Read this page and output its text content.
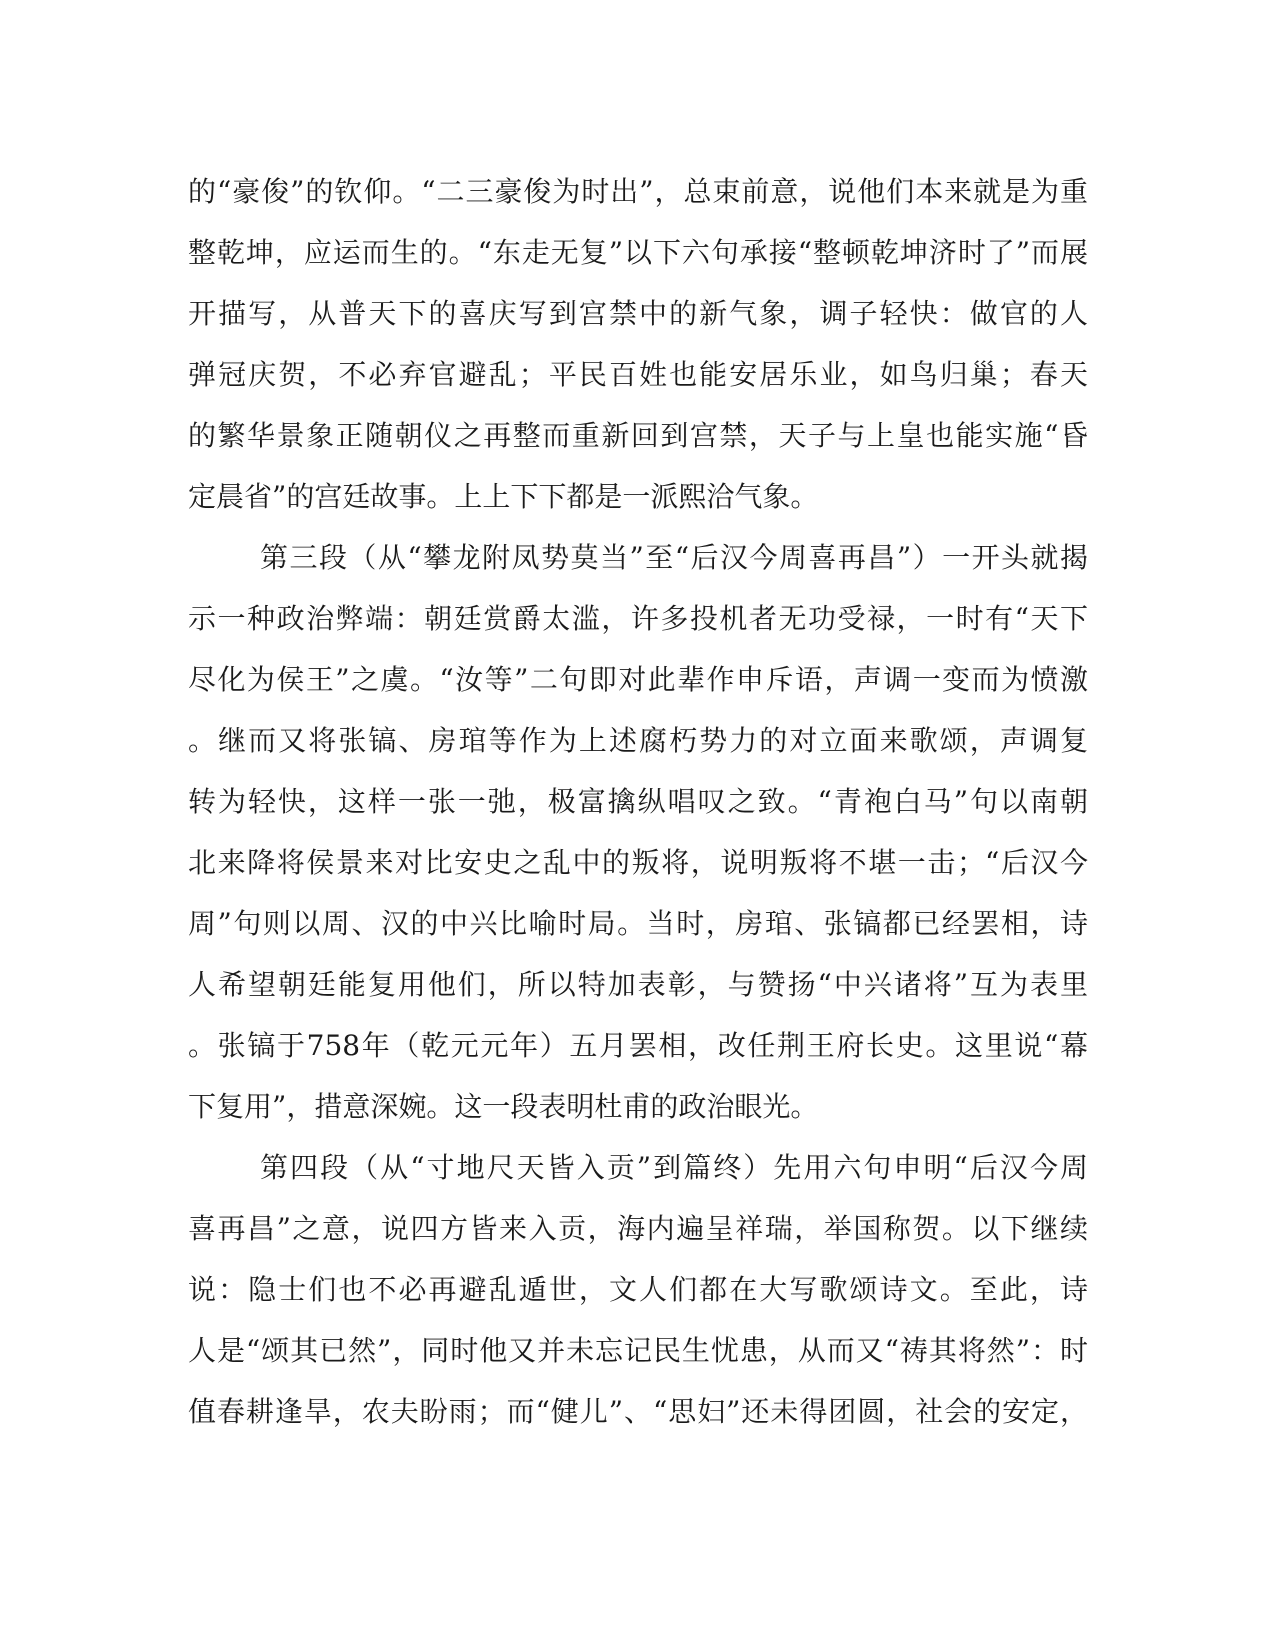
的“豪俊”的钦仰。“二三豪俊为时出”，总束前意，说他们本来就是为重
整乾坤，应运而生的。“东走无复”以下六句承接“整顿乾坤济时了”而展
开描写，从普天下的喜庆写到宫禁中的新气象，调子轻快：做官的人
弹冠庆贺，不必弃官避乱；平民百姓也能安居乐业，如鸟归巢；春天
的繁华景象正随朝仪之再整而重新回到宫禁，天子与上皇也能实施“昏
定晨省”的宫廷故事。上上下下都是一派熙洽气象。
第三段（从“攀龙附凤势莫当”至“后汉今周喜再昌”）一开头就揭
示一种政治弊端：朝廷赏爵太滥，许多投机者无功受禄，一时有“天下
尽化为侯王”之虞。“汝等”二句即对此辈作申斥语，声调一变而为愤激
。继而又将张镐、房琯等作为上述腐朽势力的对立面来歌颂，声调复
转为轻快，这样一张一弛，极富擒纵唱叹之致。“青袍白马”句以南朝
北来降将侯景来对比安史之乱中的叛将，说明叛将不堪一击；“后汉今
周”句则以周、汉的中兴比喻时局。当时，房琯、张镐都已经罢相，诗
人希望朝廷能复用他们，所以特加表彰，与赞扬“中兴诸将”互为表里
。张镐于758年（乾元元年）五月罢相，改任荆王府长史。这里说“幕
下复用”，措意深婉。这一段表明杜甫的政治眼光。
第四段（从“寸地尺天皆入贡”到篇终）先用六句申明“后汉今周
喜再昌”之意，说四方皆来入贡，海内遍呈祥瑞，举国称贺。以下继续
说：隐士们也不必再避乱遁世，文人们都在大写歌颂诗文。至此，诗
人是“颂其已然”，同时他又并未忘记民生忧患，从而又“祷其将然”：时
值春耕逢旱，农夫盼雨；而“健儿”、“思妇”还未得团圆，社会的安定，
